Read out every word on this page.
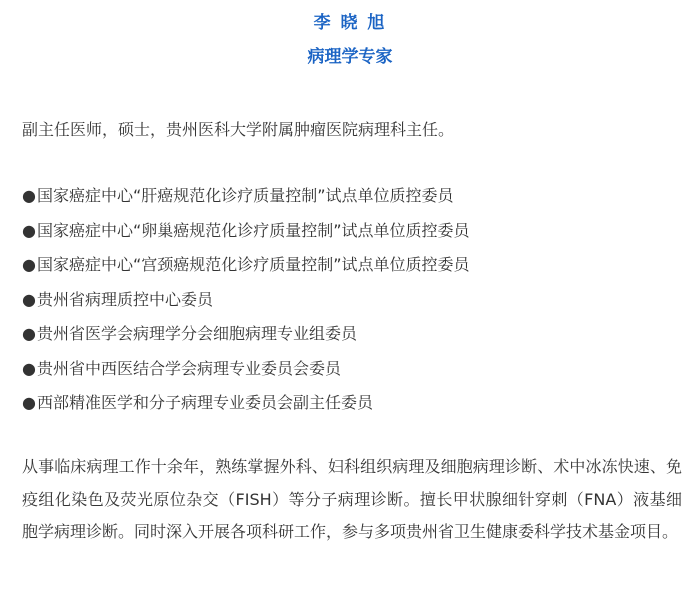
李 晓 旭
病理学专家

副主任医师，硕士，贵州医科大学附属肿瘤医院病理科主任。

●国家癌症中心“肝癌规范化诊疗质量控制”试点单位质控委员
●国家癌症中心“卵巢癌规范化诊疗质量控制”试点单位质控委员
●国家癌症中心“宫颈癌规范化诊疗质量控制”试点单位质控委员
●贵州省病理质控中心委员
●贵州省医学会病理学分会细胞病理专业组委员
●贵州省中西医结合学会病理专业委员会委员
●西部精准医学和分子病理专业委员会副主任委员

从事临床病理工作十余年，熟练掌握外科、妇科组织病理及细胞病理诊断、术中冰冻快速、免疫组化染色及荧光原位杂交（FISH）等分子病理诊断。擅长甲状腺细针穿刺（FNA）液基细胞学病理诊断。同时深入开展各项科研工作，参与多项贵州省卫生健康委科学技术基金项目。
